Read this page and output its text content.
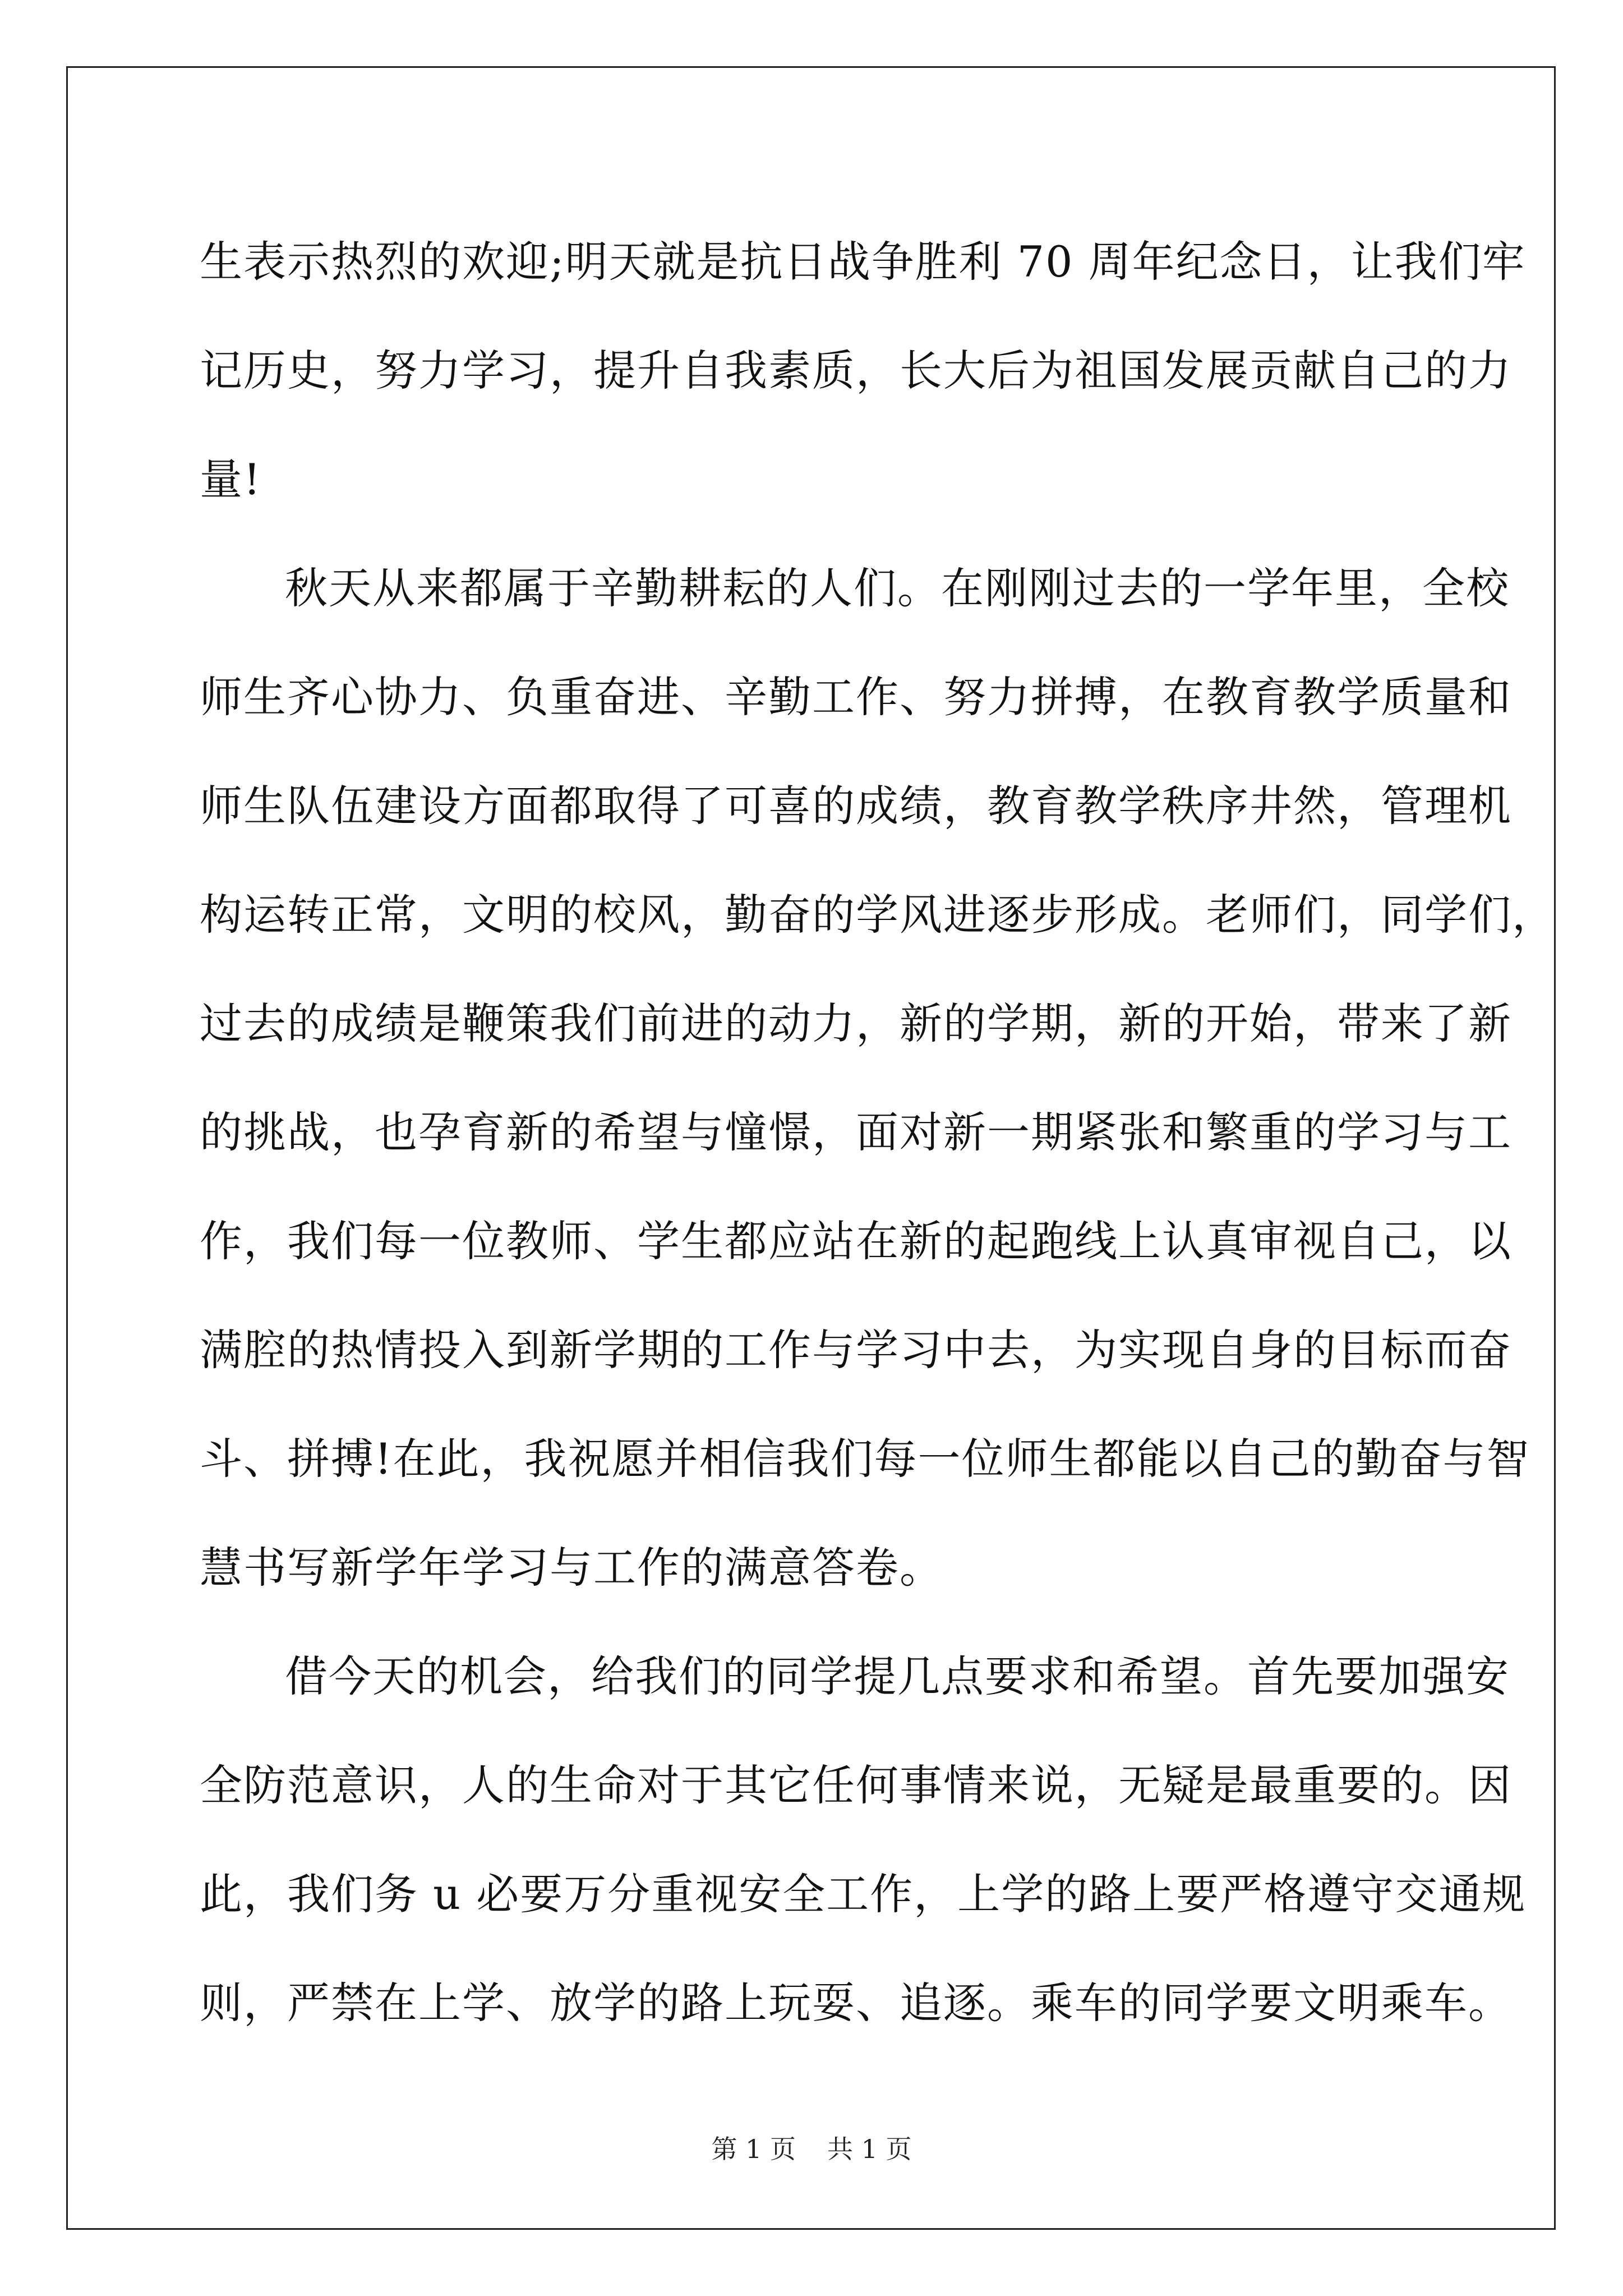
生表示热烈的欢迎;明天就是抗日战争胜利 70 周年纪念日，让我们牢
记历史，努力学习，提升自我素质，长大后为祖国发展贡献自己的力
量!
秋天从来都属于辛勤耕耘的人们。在刚刚过去的一学年里，全校
师生齐心协力、负重奋进、辛勤工作、努力拼搏，在教育教学质量和
师生队伍建设方面都取得了可喜的成绩，教育教学秩序井然，管理机
构运转正常，文明的校风，勤奋的学风进逐步形成。老师们，同学们，
过去的成绩是鞭策我们前进的动力，新的学期，新的开始，带来了新
的挑战，也孕育新的希望与憧憬，面对新一期紧张和繁重的学习与工
作，我们每一位教师、学生都应站在新的起跑线上认真审视自己，以
满腔的热情投入到新学期的工作与学习中去，为实现自身的目标而奋
斗、拼搏!在此，我祝愿并相信我们每一位师生都能以自己的勤奋与智
慧书写新学年学习与工作的满意答卷。
借今天的机会，给我们的同学提几点要求和希望。首先要加强安
全防范意识，人的生命对于其它任何事情来说，无疑是最重要的。因
此，我们务 u 必要万分重视安全工作，上学的路上要严格遵守交通规
则，严禁在上学、放学的路上玩耍、追逐。乘车的同学要文明乘车。
第 1 页 共 1 页
